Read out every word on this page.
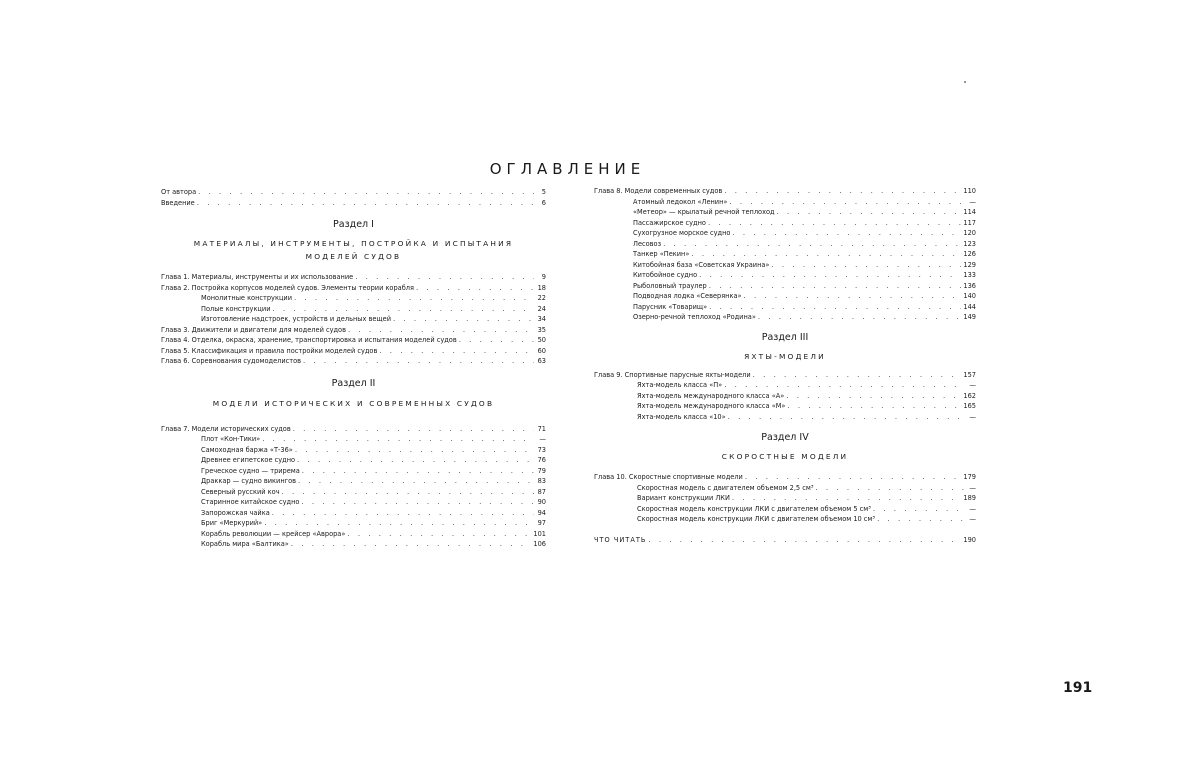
ОГЛАВЛЕНИЕ
От автора . . .	5
Введение . . .	6
Раздел I
МАТЕРИАЛЫ, ИНСТРУМЕНТЫ, ПОСТРОЙКА И ИСПЫТАНИЯ
МОДЕЛЕЙ СУДОВ
Глава 1. Материалы, инструменты и их использование . . .	9
Глава 2. Постройка корпусов моделей судов. Элементы теории корабля . . .	18
Монолитные конструкции . . .	22
Полые конструкции . . .	24
Изготовление надстроек, устройств и дельных вещей . . .	34
Глава 3. Движители и двигатели для моделей судов . . .	35
Глава 4. Отделка, окраска, хранение, транспортировка и испытания моделей судов . . .	50
Глава 5. Классификация и правила постройки моделей судов . . .	60
Глава 6. Соревнования судомоделистов . . .	63
Раздел II
МОДЕЛИ ИСТОРИЧЕСКИХ И СОВРЕМЕННЫХ СУДОВ
Глава 7. Модели исторических судов . . .	71
Плот «Кон-Тики» . . .	—
Самоходная баржа «Т-36» . . .	73
Древнее египетское судно . . .	76
Греческое судно — трирема . . .	79
Драккар — судно викингов . . .	83
Северный русский коч . . .	87
Старинное китайское судно . . .	90
Запорожская чайка . . .	94
Бриг «Меркурий» . . .	97
Корабль революции — крейсер «Аврора» . . .	101
Корабль мира «Балтика» . . .	106
Глава 8. Модели современных судов . . .	110
Атомный ледокол «Ленин» . . .	—
«Метеор» — крылатый речной теплоход . . .	114
Пассажирское судно . . .	117
Сухогрузное морское судно . . .	120
Лесовоз . . .	123
Танкер «Пекин» . . .	126
Китобойная база «Советская Украина» . . .	129
Китобойное судно . . .	133
Рыболовный траулер . . .	136
Подводная лодка «Северянка» . . .	140
Парусник «Товарищ» . . .	144
Озерно-речной теплоход «Родина» . . .	149
Раздел III
ЯХТЫ-МОДЕЛИ
Глава 9. Спортивные парусные яхты-модели . . .	157
Яхта-модель класса «П» . . .	—
Яхта-модель международного класса «А» . . .	162
Яхта-модель международного класса «М» . . .	165
Яхта-модель класса «10» . . .	—
Раздел IV
СКОРОСТНЫЕ МОДЕЛИ
Глава 10. Скоростные спортивные модели . . .	179
Скоростная модель с двигателем объемом 2,5 см³ . . .	—
Вариант конструкции ЛКИ . . .	189
Скоростная модель конструкции ЛКИ с двигателем объемом 5 см³ . . .	—
Скоростная модель конструкции ЛКИ с двигателем объемом 10 см³ . . .	—
ЧТО ЧИТАТЬ . . .	190
191
